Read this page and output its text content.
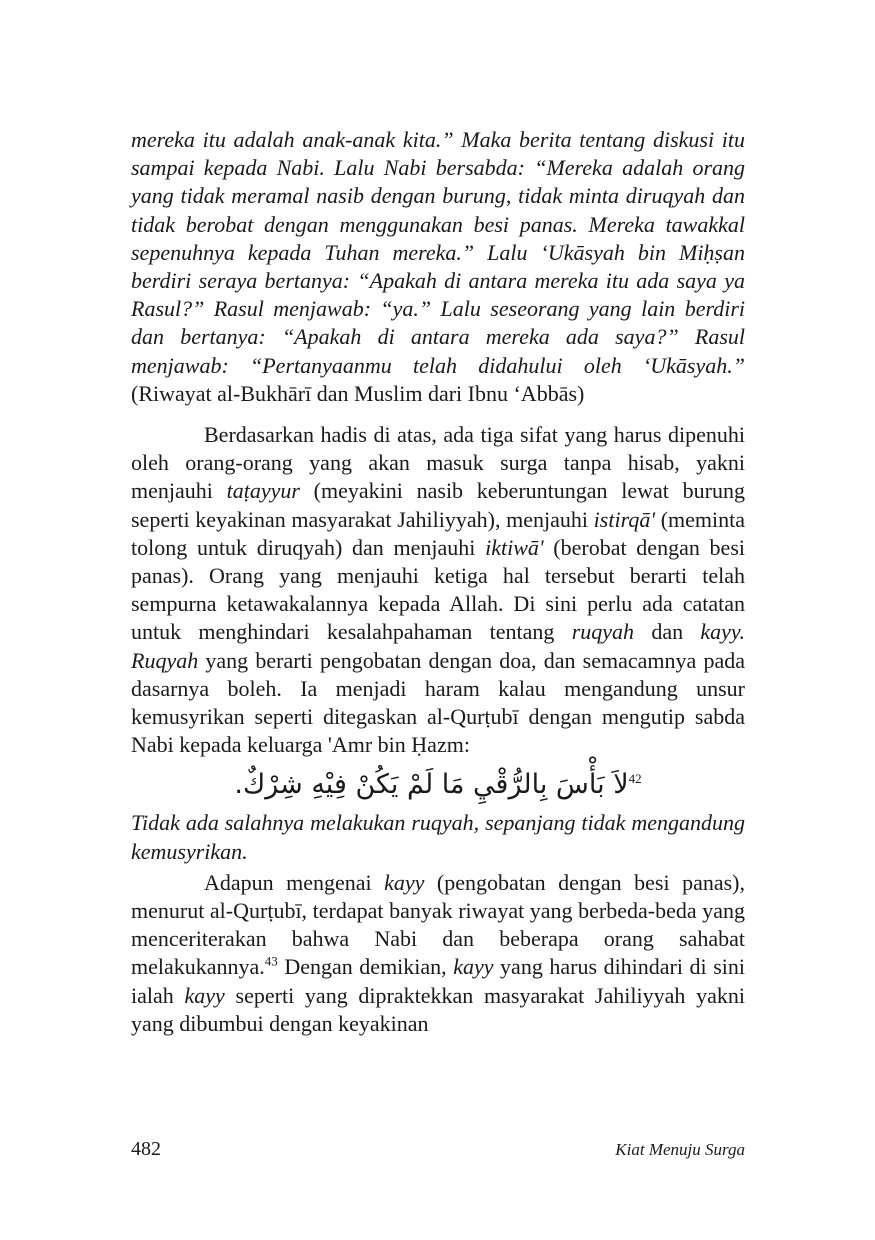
mereka itu adalah anak-anak kita.” Maka berita tentang diskusi itu sampai kepada Nabi. Lalu Nabi bersabda: “Mereka adalah orang yang tidak meramal nasib dengan burung, tidak minta diruqyah dan tidak berobat dengan menggunakan besi panas. Mereka tawakkal sepenuhnya kepada Tuhan mereka.” Lalu ‘Ukāsyah bin Miḥṣan berdiri seraya bertanya: “Apakah di antara mereka itu ada saya ya Rasul?” Rasul menjawab: “ya.” Lalu seseorang yang lain berdiri dan bertanya: “Apakah di antara mereka ada saya?” Rasul menjawab: “Pertanyaanmu telah didahului oleh ‘Ukāsyah.” (Riwayat al-Bukhārī dan Muslim dari Ibnu ‘Abbās)

Berdasarkan hadis di atas, ada tiga sifat yang harus dipenuhi oleh orang-orang yang akan masuk surga tanpa hisab, yakni menjauhi taṭayyur (meyakini nasib keberuntungan lewat burung seperti keyakinan masyarakat Jahiliyyah), menjauhi istirqā' (meminta tolong untuk diruqyah) dan menjauhi iktiwā' (berobat dengan besi panas). Orang yang menjauhi ketiga hal tersebut berarti telah sempurna ketawakalannya kepada Allah. Di sini perlu ada catatan untuk menghindari kesalahpahaman tentang ruqyah dan kayy. Ruqyah yang berarti pengobatan dengan doa, dan semacamnya pada dasarnya boleh. Ia menjadi haram kalau mengandung unsur kemusyrikan seperti ditegaskan al-Qurṭubī dengan mengutip sabda Nabi kepada keluarga 'Amr bin Ḥazm:

$^{42}$لاَ بَأْسَ بِالرُّقْيِ مَا لَمْ يَكُنْ فِيْهِ شِرْكٌ.

Tidak ada salahnya melakukan ruqyah, sepanjang tidak mengandung kemusyrikan.

Adapun mengenai kayy (pengobatan dengan besi panas), menurut al-Qurṭubī, terdapat banyak riwayat yang berbeda-beda yang menceriterakan bahwa Nabi dan beberapa orang sahabat melakukannya.$^{43}$ Dengan demikian, kayy yang harus dihindari di sini ialah kayy seperti yang dipraktekkan masyarakat Jahiliyyah yakni yang dibumbui dengan keyakinan

482	Kiat Menuju Surga
